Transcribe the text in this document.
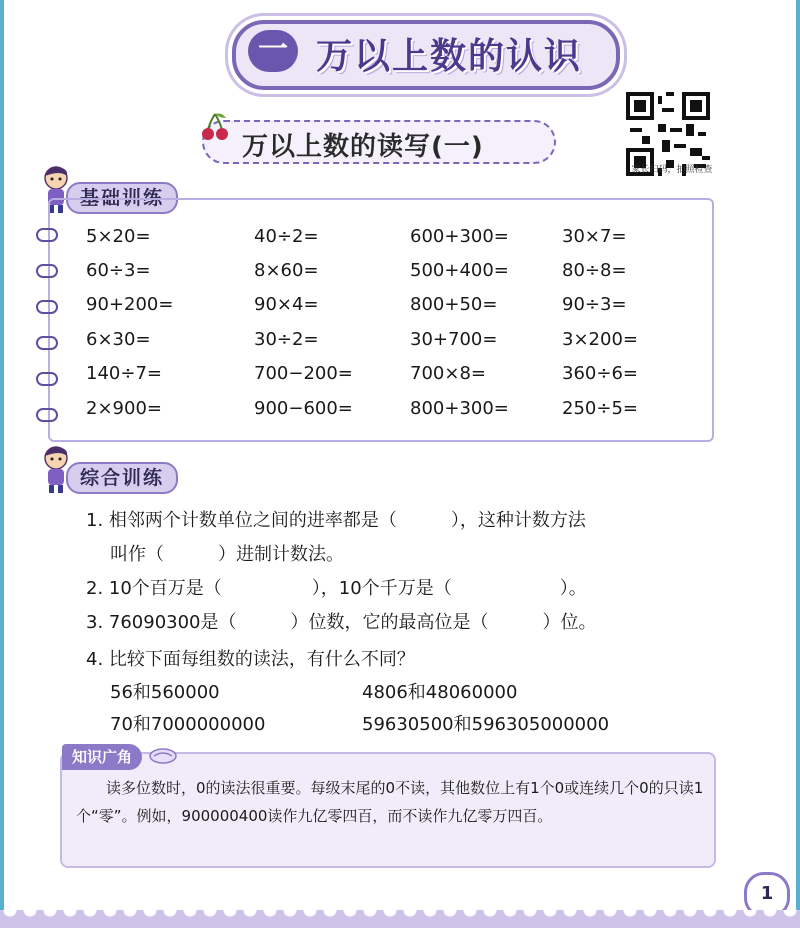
一 万以上数的认识
万以上数的读写(一)
家长扫码，拍照检查
基础训练
5×20=	40÷2=	600+300=	30×7=
60÷3=	8×60=	500+400=	80÷8=
90+200=	90×4=	800+50=	90÷3=
6×30=	30÷2=	30+700=	3×200=
140÷7=	700−200=	700×8=	360÷6=
2×900=	900−600=	800+300=	250÷5=
综合训练
1. 相邻两个计数单位之间的进率都是（　　　），这种计数方法
叫作（　　　）进制计数法。
2. 10个百万是（　　　　　），10个千万是（　　　　　　）。
3. 76090300是（　　　）位数，它的最高位是（　　　）位。
4. 比较下面每组数的读法，有什么不同？
56和560000	4806和48060000
70和7000000000	59630500和596305000000
知识广角
读多位数时，0的读法很重要。每级末尾的0不读，其他数位上有1个0或连续几个0的只读1个“零”。例如，900000400读作九亿零四百，而不读作九亿零万四百。
1
